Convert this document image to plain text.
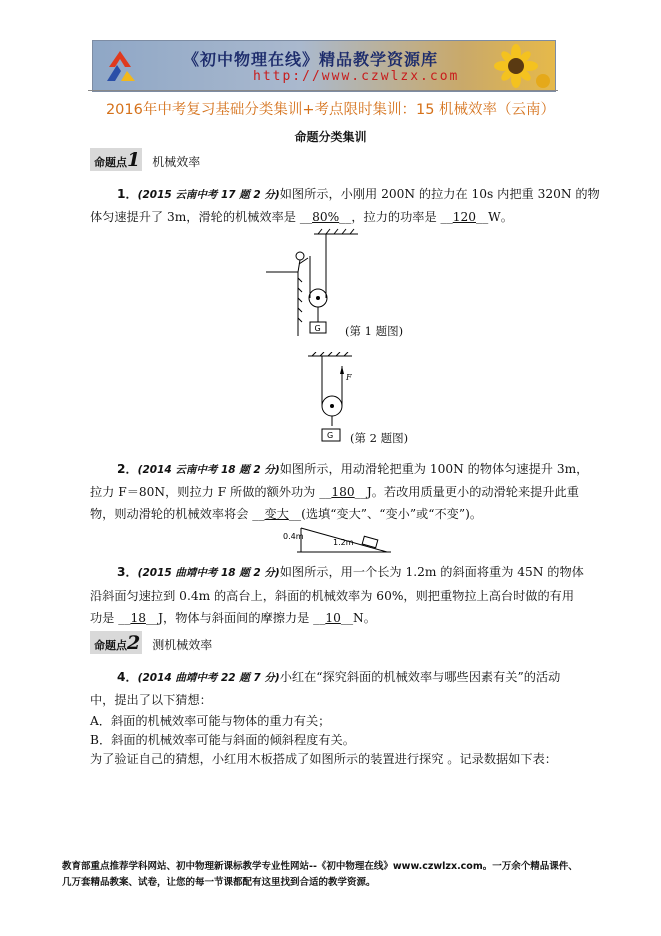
《初中物理在线》精品教学资源库
http://www.czwlzx.com
2016年中考复习基础分类集训+考点限时集训：15 机械效率（云南）
命题分类集训
命题点1 机械效率
1．(2015 云南中考 17 题 2 分)如图所示，小刚用 200N 的拉力在 10s 内把重 320N 的物
体匀速提升了 3m，滑轮的机械效率是 __80%__，拉力的功率是 __120__W。
G (第 1 题图)
F
G (第 2 题图)
2．(2014 云南中考 18 题 2 分)如图所示，用动滑轮把重为 100N 的物体匀速提升 3m，
拉力 F＝80N，则拉力 F 所做的额外功为 __180__J。若改用质量更小的动滑轮来提升此重
物，则动滑轮的机械效率将会 __变大__(选填“变大”、“变小”或“不变”)。
0.4m
1.2m
3．(2015 曲靖中考 18 题 2 分)如图所示，用一个长为 1.2m 的斜面将重为 45N 的物体
沿斜面匀速拉到 0.4m 的高台上，斜面的机械效率为 60%，则把重物拉上高台时做的有用
功是 __18__J，物体与斜面间的摩擦力是 __10__N。
命题点2 测机械效率
4．(2014 曲靖中考 22 题 7 分)小红在“探究斜面的机械效率与哪些因素有关”的活动
中，提出了以下猜想：
A．斜面的机械效率可能与物体的重力有关；
B．斜面的机械效率可能与斜面的倾斜程度有关。
为了验证自己的猜想，小红用木板搭成了如图所示的装置进行探究 。记录数据如下表：
教育部重点推荐学科网站、初中物理新课标教学专业性网站--《初中物理在线》www.czwlzx.com。一万余个精品课件、
几万套精品教案、试卷，让您的每一节课都配有这里找到合适的教学资源。
